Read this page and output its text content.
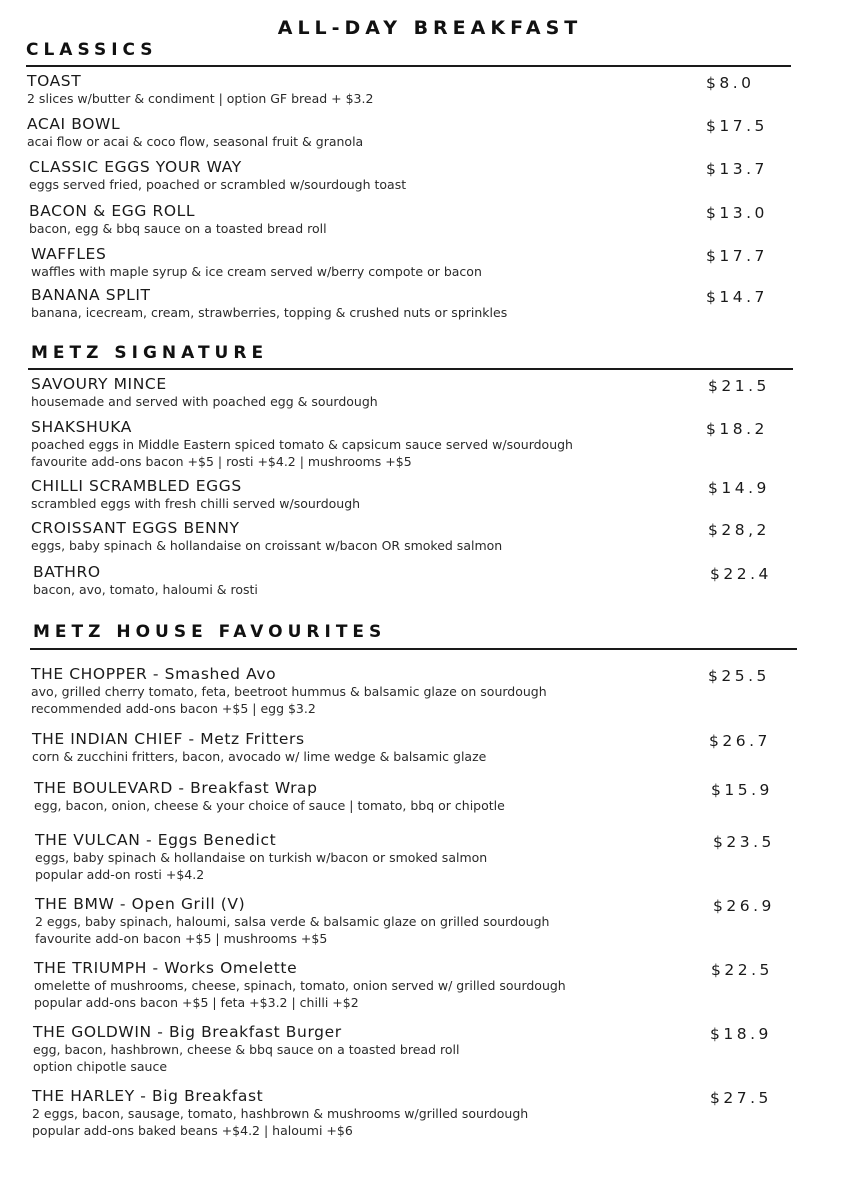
ALL-DAY BREAKFAST
CLASSICS
TOAST
2 slices w/butter & condiment | option GF bread + $3.2
$8.0
ACAI BOWL
acai flow or acai & coco flow, seasonal fruit & granola
$17.5
CLASSIC EGGS YOUR WAY
eggs served fried, poached or scrambled w/sourdough toast
$13.7
BACON & EGG ROLL
bacon, egg & bbq sauce on a toasted bread roll
$13.0
WAFFLES
waffles with maple syrup & ice cream served w/berry compote or bacon
$17.7
BANANA SPLIT
banana, icecream, cream, strawberries, topping & crushed nuts or sprinkles
$14.7
METZ SIGNATURE
SAVOURY MINCE
housemade and served with poached egg & sourdough
$21.5
SHAKSHUKA
poached eggs in Middle Eastern spiced tomato & capsicum sauce served w/sourdough
favourite add-ons bacon +$5 | rosti +$4.2 | mushrooms +$5
$18.2
CHILLI SCRAMBLED EGGS
scrambled eggs with fresh chilli served w/sourdough
$14.9
CROISSANT EGGS BENNY
eggs, baby spinach & hollandaise on croissant w/bacon OR smoked salmon
$28,2
BATHRO
bacon, avo, tomato, haloumi & rosti
$22.4
METZ HOUSE FAVOURITES
THE CHOPPER - Smashed Avo
avo, grilled cherry tomato, feta, beetroot hummus & balsamic glaze on sourdough
recommended add-ons bacon +$5 | egg $3.2
$25.5
THE INDIAN CHIEF - Metz Fritters
corn & zucchini fritters, bacon, avocado w/ lime wedge & balsamic glaze
$26.7
THE BOULEVARD - Breakfast Wrap
egg, bacon, onion, cheese & your choice of sauce | tomato, bbq or chipotle
$15.9
THE VULCAN - Eggs Benedict
eggs, baby spinach & hollandaise on turkish w/bacon or smoked salmon
popular add-on rosti +$4.2
$23.5
THE BMW - Open Grill (V)
2 eggs, baby spinach, haloumi, salsa verde & balsamic glaze on grilled sourdough
favourite add-on bacon +$5 | mushrooms +$5
$26.9
THE TRIUMPH - Works Omelette
omelette of mushrooms, cheese, spinach, tomato, onion served w/ grilled sourdough
popular add-ons bacon +$5 | feta +$3.2 | chilli +$2
$22.5
THE GOLDWIN - Big Breakfast Burger
egg, bacon, hashbrown, cheese & bbq sauce on a toasted bread roll
option chipotle sauce
$18.9
THE HARLEY - Big Breakfast
2 eggs, bacon, sausage, tomato, hashbrown & mushrooms w/grilled sourdough
popular add-ons baked beans +$4.2 | haloumi +$6
$27.5
